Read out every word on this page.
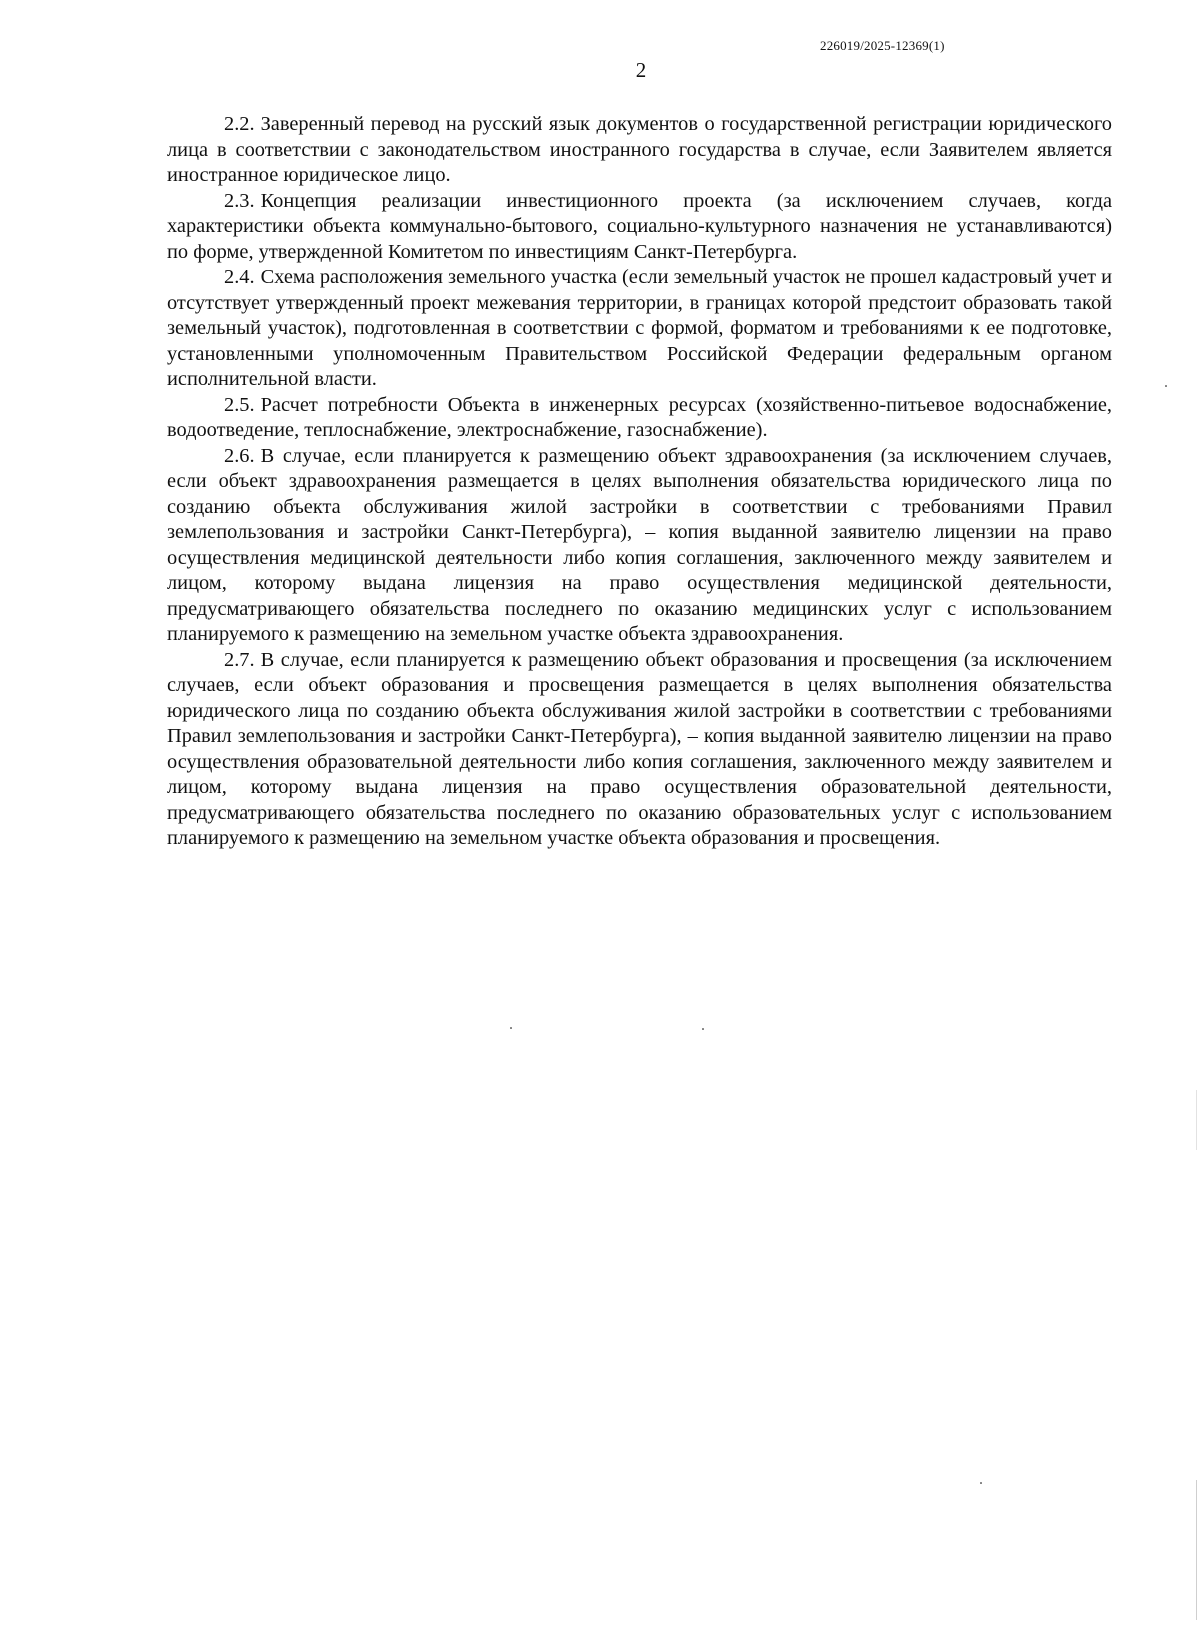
226019/2025-12369(1)
2

2.2. Заверенный перевод на русский язык документов о государственной регистрации юридического лица в соответствии с законодательством иностранного государства в случае, если Заявителем является иностранное юридическое лицо.

2.3. Концепция реализации инвестиционного проекта (за исключением случаев, когда характеристики объекта коммунально-бытового, социально-культурного назначения не устанавливаются) по форме, утвержденной Комитетом по инвестициям Санкт-Петербурга.

2.4. Схема расположения земельного участка (если земельный участок не прошел кадастровый учет и отсутствует утвержденный проект межевания территории, в границах которой предстоит образовать такой земельный участок), подготовленная в соответствии с формой, форматом и требованиями к ее подготовке, установленными уполномоченным Правительством Российской Федерации федеральным органом исполнительной власти.

2.5. Расчет потребности Объекта в инженерных ресурсах (хозяйственно-питьевое водоснабжение, водоотведение, теплоснабжение, электроснабжение, газоснабжение).

2.6. В случае, если планируется к размещению объект здравоохранения (за исключением случаев, если объект здравоохранения размещается в целях выполнения обязательства юридического лица по созданию объекта обслуживания жилой застройки в соответствии с требованиями Правил землепользования и застройки Санкт-Петербурга), – копия выданной заявителю лицензии на право осуществления медицинской деятельности либо копия соглашения, заключенного между заявителем и лицом, которому выдана лицензия на право осуществления медицинской деятельности, предусматривающего обязательства последнего по оказанию медицинских услуг с использованием планируемого к размещению на земельном участке объекта здравоохранения.

2.7. В случае, если планируется к размещению объект образования и просвещения (за исключением случаев, если объект образования и просвещения размещается в целях выполнения обязательства юридического лица по созданию объекта обслуживания жилой застройки в соответствии с требованиями Правил землепользования и застройки Санкт-Петербурга), – копия выданной заявителю лицензии на право осуществления образовательной деятельности либо копия соглашения, заключенного между заявителем и лицом, которому выдана лицензия на право осуществления образовательной деятельности, предусматривающего обязательства последнего по оказанию образовательных услуг с использованием планируемого к размещению на земельном участке объекта образования и просвещения.
